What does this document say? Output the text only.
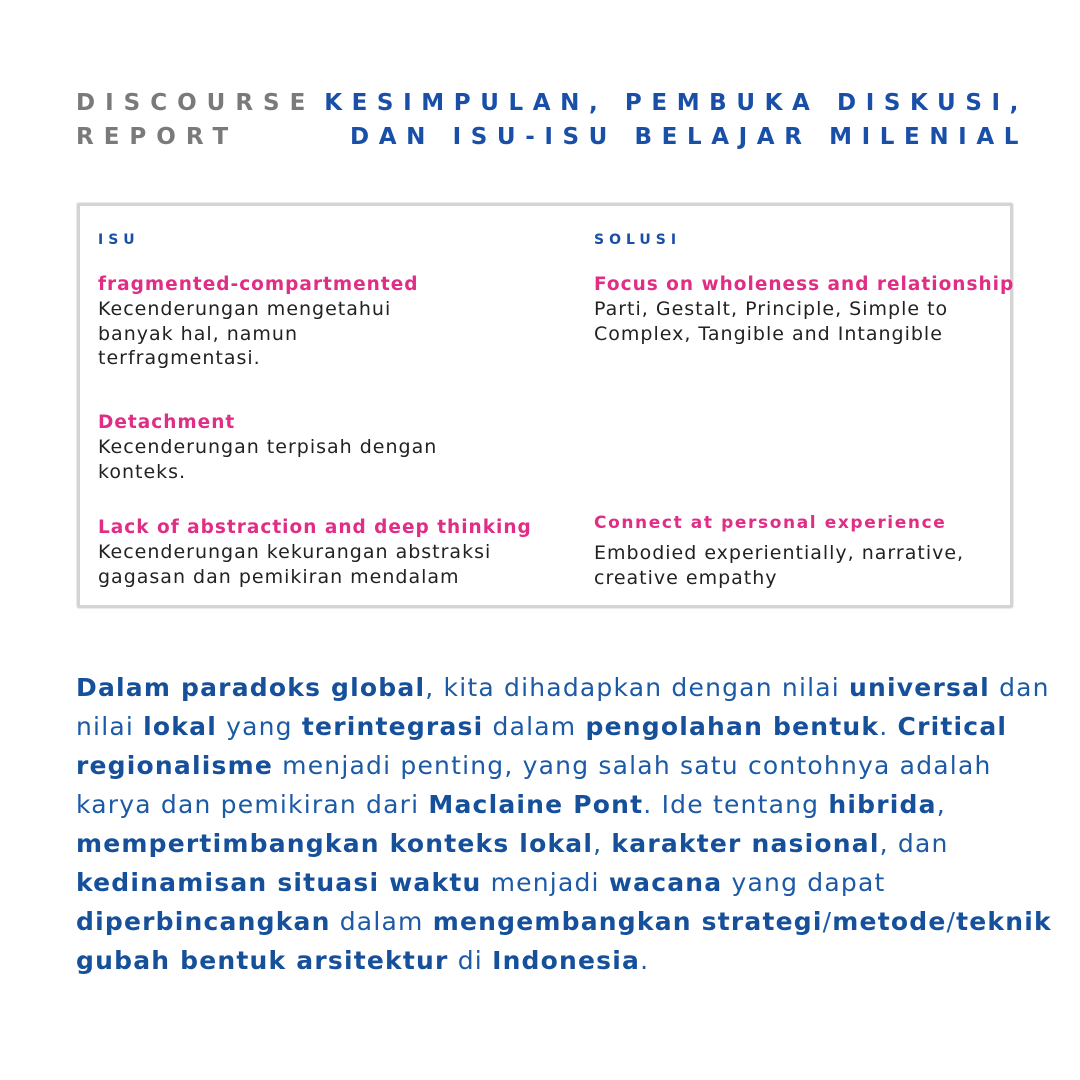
DISCOURSE
REPORT
KESIMPULAN, PEMBUKA DISKUSI,
DAN ISU-ISU BELAJAR MILENIAL
ISU	SOLUSI
fragmented-compartmented
Kecenderungan mengetahui
banyak hal, namun
terfragmentasi.
Detachment
Kecenderungan terpisah dengan
konteks.
Lack of abstraction and deep thinking
Kecenderungan kekurangan abstraksi
gagasan dan pemikiran mendalam
Focus on wholeness and relationship
Parti, Gestalt, Principle, Simple to
Complex, Tangible and Intangible
Connect at personal experience
Embodied experientially, narrative,
creative empathy
Dalam paradoks global, kita dihadapkan dengan nilai universal dan
nilai lokal yang terintegrasi dalam pengolahan bentuk. Critical
regionalisme menjadi penting, yang salah satu contohnya adalah
karya dan pemikiran dari Maclaine Pont. Ide tentang hibrida,
mempertimbangkan konteks lokal, karakter nasional, dan
kedinamisan situasi waktu menjadi wacana yang dapat
diperbincangkan dalam mengembangkan strategi/metode/teknik
gubah bentuk arsitektur di Indonesia.
